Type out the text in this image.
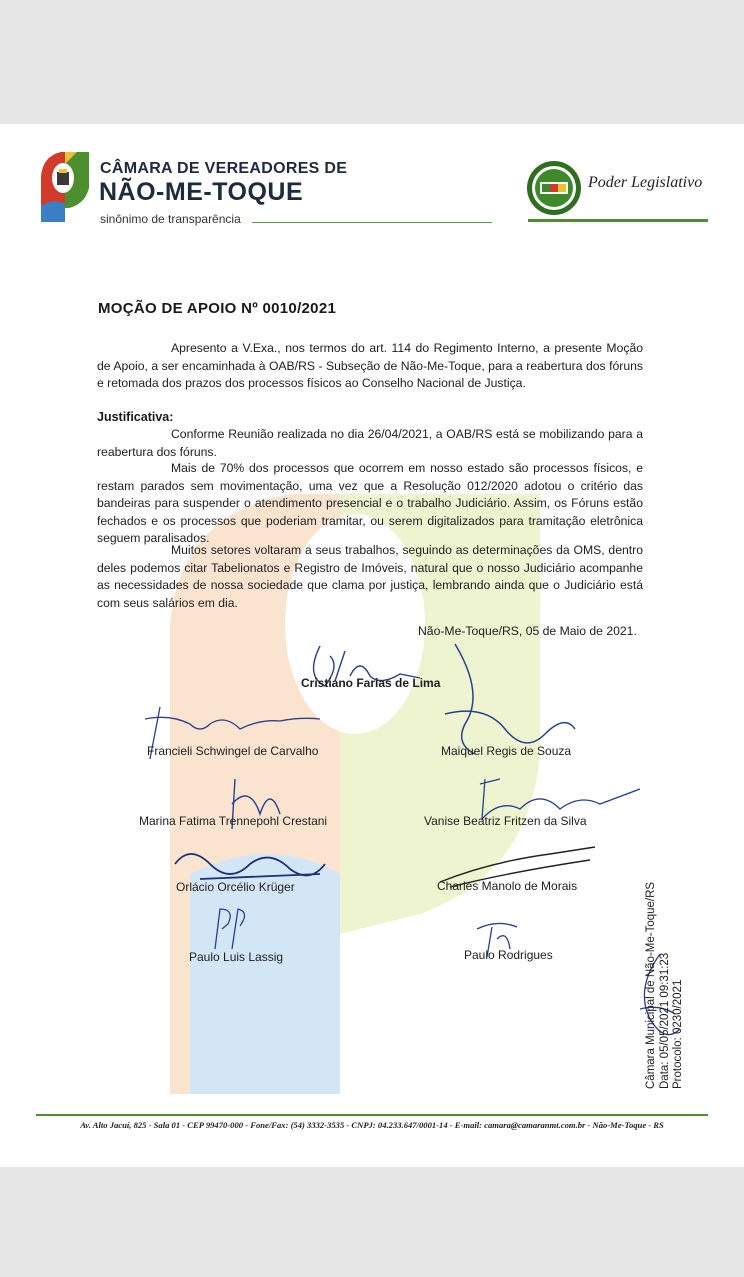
CÂMARA DE VEREADORES DE
NÃO-ME-TOQUE
sinônimo de transparência
Poder Legislativo
MOÇÃO DE APOIO Nº 0010/2021
Apresento a V.Exa., nos termos do art. 114 do Regimento Interno, a presente Moção de Apoio, a ser encaminhada à OAB/RS - Subseção de Não-Me-Toque, para a reabertura dos fóruns e retomada dos prazos dos processos físicos ao Conselho Nacional de Justiça.
Justificativa:
Conforme Reunião realizada no dia 26/04/2021, a OAB/RS está se mobilizando para a reabertura dos fóruns.
Mais de 70% dos processos que ocorrem em nosso estado são processos físicos, e restam parados sem movimentação, uma vez que a Resolução 012/2020 adotou o critério das bandeiras para suspender o atendimento presencial e o trabalho Judiciário. Assim, os Fóruns estão fechados e os processos que poderiam tramitar, ou serem digitalizados para tramitação eletrônica seguem paralisados.
Muitos setores voltaram a seus trabalhos, seguindo as determinações da OMS, dentro deles podemos citar Tabelionatos e Registro de Imóveis, natural que o nosso Judiciário acompanhe as necessidades de nossa sociedade que clama por justiça, lembrando ainda que o Judiciário está com seus salários em dia.
Não-Me-Toque/RS, 05 de Maio de 2021.
Cristiano Farias de Lima
Francieli Schwingel de Carvalho	Maiquel Regis de Souza
Marina Fatima Trennepohl Crestani	Vanise Beatriz Fritzen da Silva
Orlácio Orcélio Krüger	Charles Manolo de Morais
Paulo Luis Lassig	Paulo Rodrigues	Câmara Municipal de Não-Me-Toque/RS Data: 05/05/2021 09:31:23 Protocolo: 0230/2021
Av. Alto Jacuí, 825 - Sala 01 - CEP 99470-000 - Fone/Fax: (54) 3332-3535 - CNPJ: 04.233.647/0001-14 - E-mail: camara@camaranmt.com.br - Não-Me-Toque - RS
